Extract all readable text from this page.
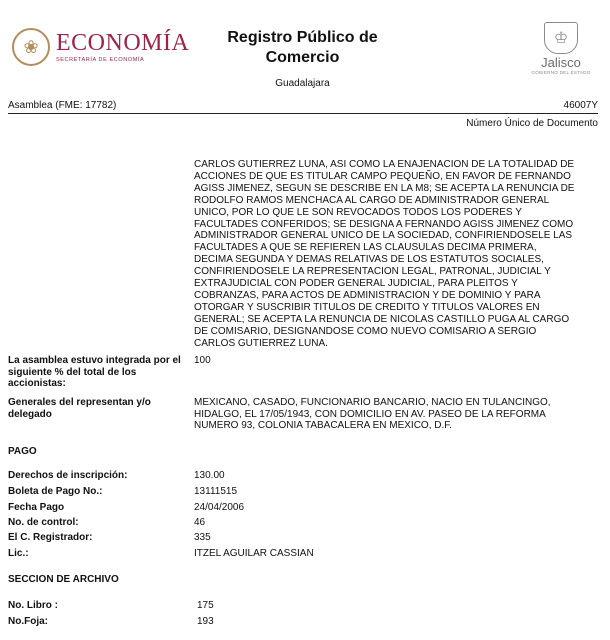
❀ ECONOMÍA
SECRETARÍA DE ECONOMÍA
Registro Público de
Comercio
Guadalajara
♔
Jalisco
GOBIERNO DEL ESTADO
Asamblea (FME: 17782)	46007Y
Número Único de Documento
CARLOS GUTIERREZ LUNA, ASI COMO LA ENAJENACION DE LA TOTALIDAD DE
ACCIONES DE QUE ES TITULAR CAMPO PEQUEÑO, EN FAVOR DE FERNANDO
AGISS JIMENEZ, SEGUN SE DESCRIBE EN LA M8; SE ACEPTA LA RENUNCIA DE
RODOLFO RAMOS MENCHACA AL CARGO DE ADMINISTRADOR GENERAL
UNICO, POR LO QUE LE SON REVOCADOS TODOS LOS PODERES Y
FACULTADES CONFERIDOS; SE DESIGNA A FERNANDO AGISS JIMENEZ COMO
ADMINISTRADOR GENERAL UNICO DE LA SOCIEDAD, CONFIRIENDOSELE LAS
FACULTADES A QUE SE REFIEREN LAS CLAUSULAS DECIMA PRIMERA,
DECIMA SEGUNDA Y DEMAS RELATIVAS DE LOS ESTATUTOS SOCIALES,
CONFIRIENDOSELE LA REPRESENTACION LEGAL, PATRONAL, JUDICIAL Y
EXTRAJUDICIAL CON PODER GENERAL JUDICIAL, PARA PLEITOS Y
COBRANZAS, PARA ACTOS DE ADMINISTRACION Y DE DOMINIO Y PARA
OTORGAR Y SUSCRIBIR TITULOS DE CREDITO Y TITULOS VALORES EN
GENERAL; SE ACEPTA LA RENUNCIA DE NICOLAS CASTILLO PUGA AL CARGO
DE COMISARIO, DESIGNANDOSE COMO NUEVO COMISARIO A SERGIO
CARLOS GUTIERREZ LUNA.
La asamblea estuvo integrada por el
siguiente % del total de los
accionistas:
100
Generales del representan y/o
delegado
MEXICANO, CASADO, FUNCIONARIO BANCARIO, NACIO EN TULANCINGO,
HIDALGO, EL 17/05/1943, CON DOMICILIO EN AV. PASEO DE LA REFORMA
NUMERO 93, COLONIA TABACALERA EN MEXICO, D.F.
PAGO
Derechos de inscripción:	130.00
Boleta de Pago No.:	13111515
Fecha Pago	24/04/2006
No. de control:	46
El C. Registrador:	335
Lic.:	ITZEL AGUILAR CASSIAN
SECCION DE ARCHIVO
No. Libro :	175
No.Foja:	193
